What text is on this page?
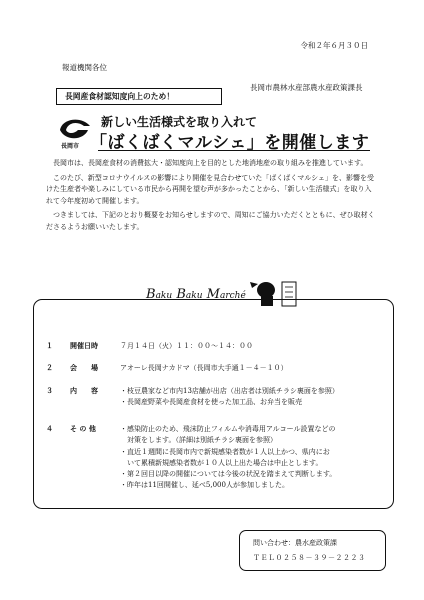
令和２年６月３０日
報道機関各位
長岡市農林水産部農水産政策課長
長岡産食材認知度向上のため！
長岡市
新しい生活様式を取り入れて
「ばくばくマルシェ」を開催します

長岡市は、長岡産食材の消費拡大・認知度向上を目的とした地消地産の取り組みを推進しています。

このたび、新型コロナウイルスの影響により開催を見合わせていた「ばくばくマルシェ」を、影響を受けた生産者や楽しみにしている市民から再開を望む声が多かったことから、「新しい生活様式」を取り入れて今年度初めて開催します。

つきましては、下記のとおり概要をお知らせしますので、周知にご協力いただくとともに、ぜひ取材くださるようお願いいたします。

Baku Baku Marché
１ 開催日時	７月１４日（火）１１：００～１４：００
２ 会　　場	アオーレ長岡ナカドマ（長岡市大手通１－４－１０）
３ 内　　容	・枝豆農家など市内13店舗が出店（出店者は別紙チラシ裏面を参照）
・長岡産野菜や長岡産食材を使った加工品、お弁当を販売
４ そ の 他	・感染防止のため、飛沫防止フィルムや消毒用アルコール設置などの
　対策をします。（詳細は別紙チラシ裏面を参照）
・直近１週間に長岡市内で新規感染者数が１人以上かつ、県内にお
　いて累積新規感染者数が１０人以上出た場合は中止とします。
・第２回目以降の開催については今後の状況を踏まえて判断します。
・昨年は11回開催し、延べ5,000人が参加しました。
問い合わせ：農水産政策課
ＴＥＬ０２５８－３９－２２２３
